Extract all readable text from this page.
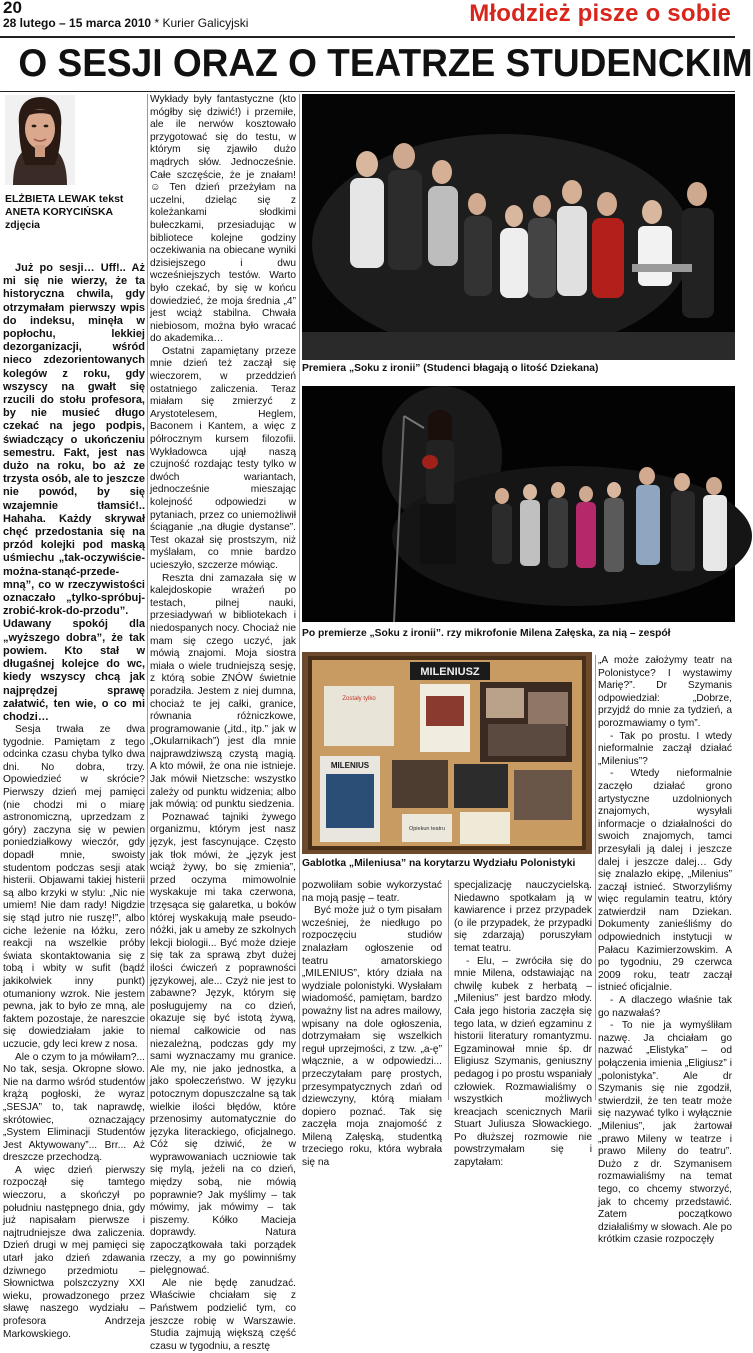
20
28 lutego – 15 marca 2010 * Kurier Galicyjski	Młodzież pisze o sobie
O SESJI ORAZ O TEATRZE STUDENCKIM
ELŻBIETA LEWAK tekst
ANETA KORYCIŃSKA zdjęcia

Już po sesji… Uff!.. Aż mi się nie wierzy, że ta historyczna chwila, gdy otrzymałam pierwszy wpis do indeksu, minęła w popłochu, lekkiej dezorganizacji, wśród nieco zdezorientowanych kolegów z roku, gdy wszyscy na gwałt się rzucili do stołu profesora, by nie musieć długo czekać na jego podpis, świadczący o ukończeniu semestru. Fakt, jest nas dużo na roku, bo aż ze trzysta osób, ale to jeszcze nie powód, by się wzajemnie tłamsić!.. Hahaha. Każdy skrywał chęć przedostania się na przód kolejki pod maską uśmiechu „tak-oczywiście-można-stanąć-przede-mną”, co w rzeczywistości oznaczało „tylko-spróbuj-zrobić-krok-do-przodu”. Udawany spokój dla „wyższego dobra”, że tak powiem. Kto stał w długaśnej kolejce do wc, kiedy wszyscy chcą jak najprędzej sprawę załatwić, ten wie, o co mi chodzi…

Sesja trwała ze dwa tygodnie. Pamiętam z tego odcinka czasu chyba tylko dwa dni. No dobra, trzy. Opowiedzieć w skrócie? Pierwszy dzień mej pamięci (nie chodzi mi o miarę astronomiczną, uprzedzam z góry) zaczyna się w pewien poniedziałkowy wieczór, gdy dopadł mnie, swoisty studentom podczas sesji atak histerii. Objawami takiej histerii są albo krzyki w stylu: „Nic nie umiem! Nie dam rady! Nigdzie się stąd jutro nie ruszę!”, albo ciche leżenie na łóżku, zero reakcji na wszelkie próby świata skontaktowania się z tobą i wbity w sufit (bądź jakikolwiek inny punkt) otumaniony wzrok. Nie jestem pewna, jak to było ze mną, ale faktem pozostaje, że nareszcie się dowiedziałam jakie to uczucie, gdy leci krew z nosa.

Ale o czym to ja mówiłam?... No tak, sesja. Okropne słowo. Nie na darmo wśród studentów krążą pogłoski, że wyraz „SESJA” to, tak naprawdę, skrótowiec, oznaczający „System Eliminacji Studentów Jest Aktywowany”... Brr... Aż dreszcze przechodzą.

A więc dzień pierwszy rozpoczął się tamtego wieczoru, a skończył po południu następnego dnia, gdy już napisałam pierwsze i najtrudniejsze dwa zaliczenia. Dzień drugi w mej pamięci się utarł jako dzień zdawania dziwnego przedmiotu – Słownictwa polszczyzny XXI wieku, prowadzonego przez sławę naszego wydziału – profesora Andrzeja Markowskiego.

Wykłady były fantastyczne (kto mógłby się dziwić!) i przemiłe, ale ile nerwów kosztowało przygotować się do testu, w którym się zjawiło dużo mądrych słów. Jednocześnie. Całe szczęście, że je znałam! ☺ Ten dzień przeżyłam na uczelni, dzieląc się z koleżankami słodkimi bułeczkami, przesiadując w bibliotece kolejne godziny oczekiwania na obiecane wyniki dzisiejszego i dwu wcześniejszych testów. Warto było czekać, by się w końcu dowiedzieć, że moja średnia „4” jest wciąż stabilna. Chwała niebiosom, można było wracać do akademika…

Ostatni zapamiętany przeze mnie dzień też zaczął się wieczorem, w przeddzień ostatniego zaliczenia. Teraz miałam się zmierzyć z Arystotelesem, Heglem, Baconem i Kantem, a więc z półrocznym kursem filozofii. Wykładowca ujął naszą czujność rozdając testy tylko w dwóch wariantach, jednocześnie mieszając kolejność odpowiedzi w pytaniach, przez co uniemożliwił ściąganie „na długie dystanse”. Test okazał się prostszym, niż myślałam, co mnie bardzo ucieszyło, szczerze mówiąc.

Reszta dni zamazała się w kalejdoskopie wrażeń po testach, pilnej nauki, przesiadywań w bibliotekach i niedospanych nocy. Chociaż nie mam się czego uczyć, jak mówią znajomi. Moja siostra miała o wiele trudniejszą sesję, z którą sobie ZNÓW świetnie poradziła. Jestem z niej dumna, chociaż te jej całki, granice, równania różniczkowe, programowanie („itd., itp.” jak w „Okularnikach”) jest dla mnie najprawdziwszą czystą magią. A kto mówił, że ona nie istnieje. Jak mówił Nietzsche: wszystko zależy od punktu widzenia; albo jak mówią: od punktu siedzenia.

Poznawać tajniki żywego organizmu, którym jest nasz język, jest fascynujące. Często jak tłok mówi, że „język jest wciąż żywy, bo się zmienia”, przed oczyma mimowolnie wyskakuje mi taka czerwona, trzęsąca się galaretka, u boków której wyskakują małe pseudo-nóżki, jak u ameby ze szkolnych lekcji biologii... Być może dzieje się tak za sprawą zbyt dużej ilości ćwiczeń z poprawności językowej, ale... Czyż nie jest to zabawne? Język, którym się posługujemy na co dzień, okazuje się być istotą żywą, niemal całkowicie od nas niezależną, podczas gdy my sami wyznaczamy mu granice. Ale my, nie jako jednostka, a jako społeczeństwo. W języku potocznym dopuszczalne są tak wielkie ilości błędów, które przenosimy automatycznie do języka literackiego, oficjalnego. Cóż się dziwić, że w wyprawowaniach uczniowie tak się mylą, jeżeli na co dzień, między sobą, nie mówią poprawnie? Jak myślimy – tak mówimy, jak mówimy – tak piszemy. Kółko Macieja doprawdy. Natura zapoczątkowała taki porządek rzeczy, a my go powinniśmy pielęgnować.

Ale nie będę zanudzać. Właściwie chciałam się z Państwem podzielić tym, co jeszcze robię w Warszawie. Studia zajmują większą część czasu w tygodniu, a resztę

Premiera „Soku z ironii” (Studenci błagają o litość Dziekana)
Po premierze „Soku z ironii”. rzy mikrofonie Milena Załęska, za nią – zespół
MILENIUSZ
Zostały tylko
MILENIUS
Opiekun teatru
Gablotka „Mileniusa” na korytarzu Wydziału Polonistyki

pozwoliłam sobie wykorzystać na moją pasję – teatr.

Być może już o tym pisałam wcześniej, że niedługo po rozpoczęciu studiów znalazłam ogłoszenie od teatru amatorskiego „MILENIUS”, który działa na wydziale polonistyki. Wysłałam wiadomość, pamiętam, bardzo poważny list na adres mailowy, wpisany na dole ogłoszenia, dotrzymałam się wszelkich reguł uprzejmości, z tzw. „a-ę” włącznie, a w odpowiedzi... przeczytałam parę prostych, przesympatycznych zdań od dziewczyny, którą miałam dopiero poznać. Tak się zaczęła moja znajomość z Mileną Załęską, studentką trzeciego roku, która wybrała się na

specjalizację nauczycielską. Niedawno spotkałam ją w kawiarence i przez przypadek (o ile przypadek, że przypadki się zdarzają) poruszyłam temat teatru.

- Elu, – zwróciła się do mnie Milena, odstawiając na chwilę kubek z herbatą – „Milenius” jest bardzo młody. Cała jego historia zaczęła się tego lata, w dzień egzaminu z historii literatury romantyzmu. Egzaminował mnie śp. dr Eligiusz Szymanis, geniuszny pedagog i po prostu wspaniały człowiek. Rozmawialiśmy o wszystkich możliwych kreacjach scenicznych Marii Stuart Juliusza Słowackiego. Po dłuższej rozmowie nie powstrzymałam się i zapytałam:

„A może założymy teatr na Polonistyce? I wystawimy Marię?”. Dr Szymanis odpowiedział: „Dobrze, przyjdź do mnie za tydzień, a porozmawiamy o tym”.

- Tak po prostu. I wtedy nieformalnie zaczął działać „Milenius”?

- Wtedy nieformalnie zaczęło działać grono artystyczne uzdolnionych znajomych, wysyłali informacje o działalności do swoich znajomych, tamci przesyłali ją dalej i jeszcze dalej i jeszcze dalej… Gdy się znalazło ekipę, „Milenius” zaczął istnieć. Stworzyliśmy więc regulamin teatru, który zatwierdził nam Dziekan. Dokumenty zanieśliśmy do odpowiednich instytucji w Pałacu Kazimierzowskim. A po tygodniu, 29 czerwca 2009 roku, teatr zaczął istnieć oficjalnie.

- A dlaczego właśnie tak go nazwałaś?

- To nie ja wymyśliłam nazwę. Ja chciałam go nazwać „Elistyka” – od połączenia imienia „Eligiusz” i „polonistyka”. Ale dr Szymanis się nie zgodził, stwierdził, że ten teatr może się nazywać tylko i wyłącznie „Milenius”, jak żartował „prawo Mileny w teatrze i prawo Mileny do teatru”. Dużo z dr. Szymanisem rozmawialiśmy na temat tego, co chcemy stworzyć, jak to chcemy przedstawić. Zatem początkowo działaliśmy w słowach. Ale po krótkim czasie rozpoczęły
